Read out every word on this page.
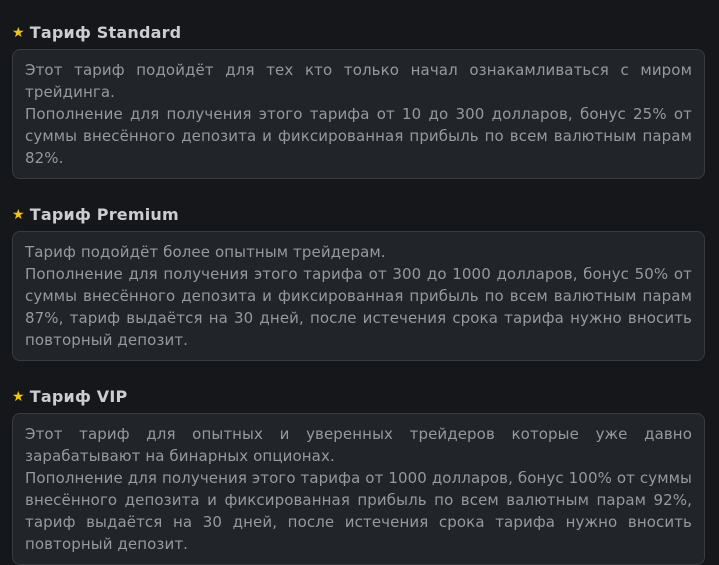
★ Тариф Standard
Этот тариф подойдёт для тех кто только начал ознакамливаться с миром трейдинга.
Пополнение для получения этого тарифа от 10 до 300 долларов, бонус 25% от суммы внесённого депозита и фиксированная прибыль по всем валютным парам 82%.
★ Тариф Premium
Тариф подойдёт более опытным трейдерам.
Пополнение для получения этого тарифа от 300 до 1000 долларов, бонус 50% от суммы внесённого депозита и фиксированная прибыль по всем валютным парам 87%, тариф выдаётся на 30 дней, после истечения срока тарифа нужно вносить повторный депозит.
★ Тариф VIP
Этот тариф для опытных и уверенных трейдеров которые уже давно зарабатывают на бинарных опционах.
Пополнение для получения этого тарифа от 1000 долларов, бонус 100% от суммы внесённого депозита и фиксированная прибыль по всем валютным парам 92%, тариф выдаётся на 30 дней, после истечения срока тарифа нужно вносить повторный депозит.
